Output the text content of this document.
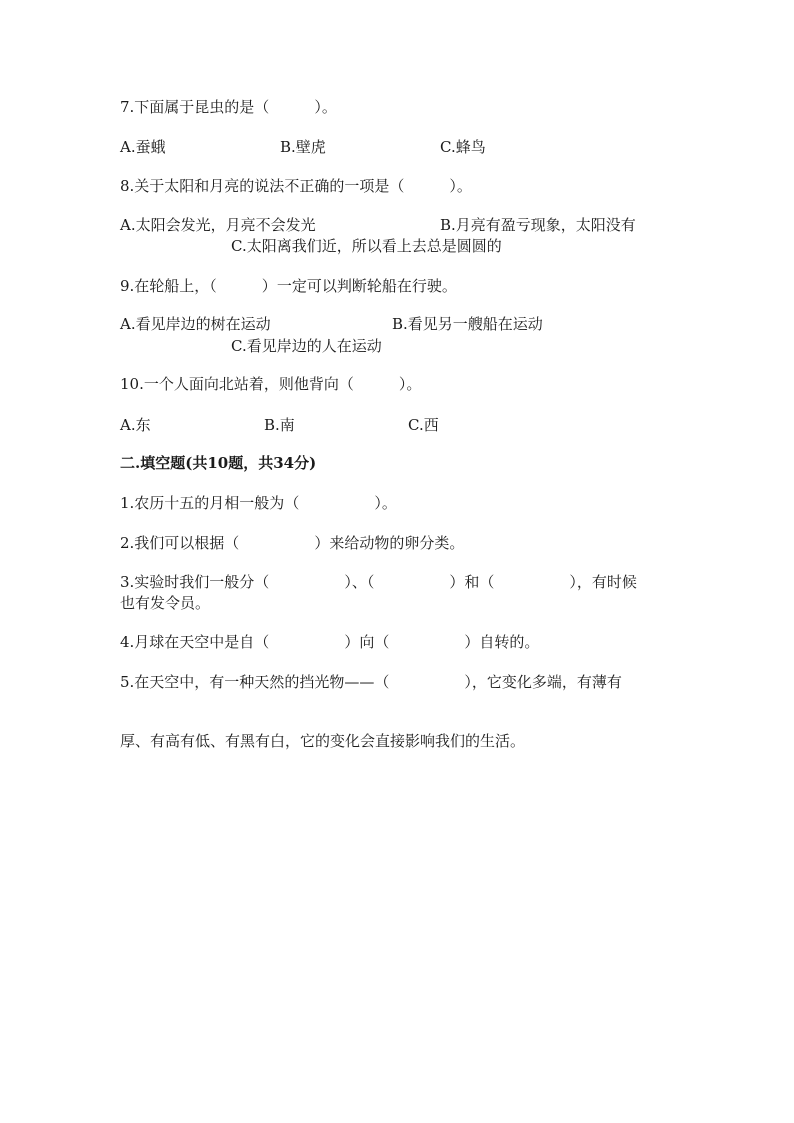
7.下面属于昆虫的是（　　　）。
A.蚕蛾	B.壁虎	C.蜂鸟
8.关于太阳和月亮的说法不正确的一项是（　　　）。
A.太阳会发光，月亮不会发光	B.月亮有盈亏现象，太阳没有
C.太阳离我们近，所以看上去总是圆圆的
9.在轮船上，（　　　）一定可以判断轮船在行驶。
A.看见岸边的树在运动	B.看见另一艘船在运动
C.看见岸边的人在运动
10.一个人面向北站着，则他背向（　　　）。
A.东	B.南	C.西
二.填空题(共10题，共34分)
1.农历十五的月相一般为（　　　　　）。
2.我们可以根据（　　　　　）来给动物的卵分类。
3.实验时我们一般分（　　　　　）、（　　　　　）和（　　　　　），有时候
也有发令员。
4.月球在天空中是自（　　　　　）向（　　　　　）自转的。
5.在天空中，有一种天然的挡光物——（　　　　　），它变化多端，有薄有
厚、有高有低、有黑有白，它的变化会直接影响我们的生活。
